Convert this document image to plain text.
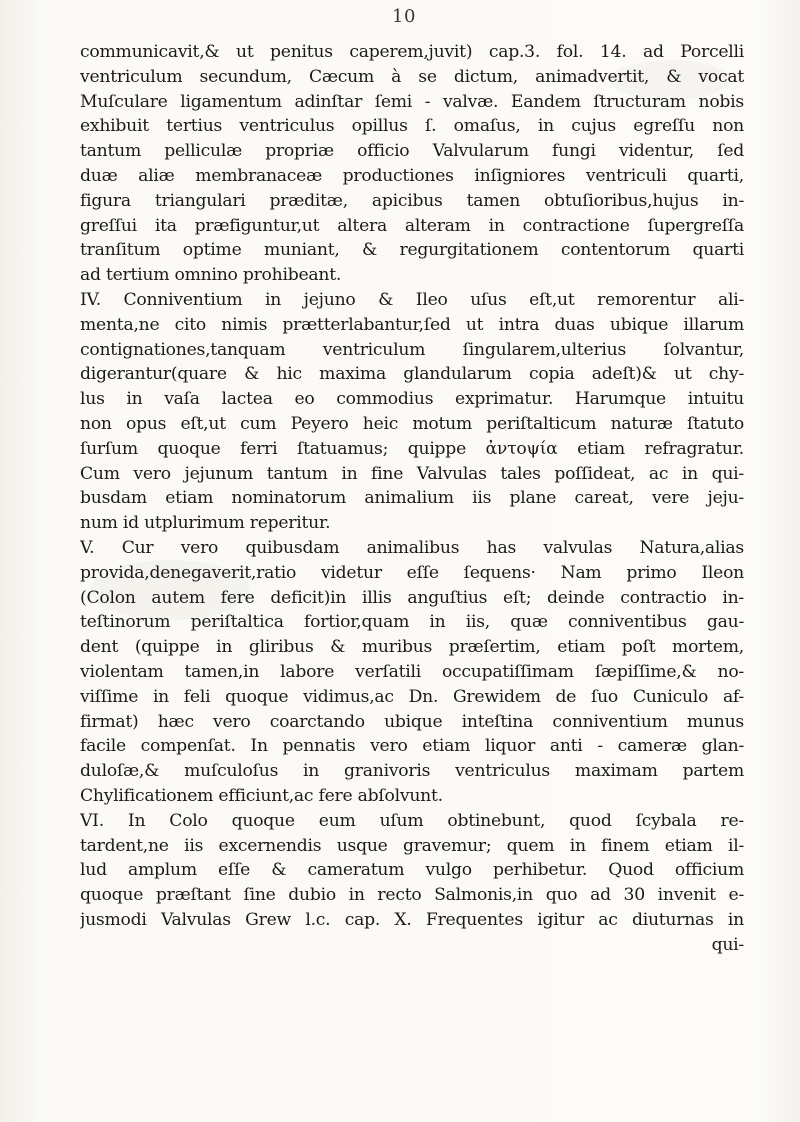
10
communicavit,& ut penitus caperem,juvit) cap.3. fol. 14. ad Porcelli
ventriculum secundum, Cæcum à se dictum, animadvertit, & vocat
Muſculare ligamentum adinſtar ſemi - valvæ. Eandem ſtructuram nobis
exhibuit tertius ventriculus opillus ſ. omaſus, in cujus egreſſu non
tantum pelliculæ propriæ officio Valvularum fungi videntur, ſed
duæ aliæ membranaceæ productiones inſigniores ventriculi quarti,
figura triangulari præditæ, apicibus tamen obtuſioribus,hujus in-
greſſui ita præfiguntur,ut altera alteram in contractione ſupergreſſa
tranſitum optime muniant, & regurgitationem contentorum quarti
ad tertium omnino prohibeant.
IV. Conniventium in jejuno & Ileo uſus eſt,ut remorentur ali-
menta,ne cito nimis prætterlabantur,ſed ut intra duas ubique illarum
contignationes,tanquam ventriculum ſingularem,ulterius ſolvantur,
digerantur(quare & hic maxima glandularum copia adeſt)& ut chy-
lus in vaſa lactea eo commodius exprimatur. Harumque intuitu
non opus eſt,ut cum Peyero heic motum periſtalticum naturæ ſtatuto
ſurſum quoque ferri ſtatuamus; quippe ἀντοψία etiam refragratur.
Cum vero jejunum tantum in fine Valvulas tales poſſideat, ac in qui-
busdam etiam nominatorum animalium iis plane careat, vere jeju-
num id utplurimum reperitur.
V. Cur vero quibusdam animalibus has valvulas Natura,alias
provida,denegaverit,ratio videtur eſſe ſequens· Nam primo Ileon
(Colon autem fere deficit)in illis anguſtius eſt; deinde contractio in-
teſtinorum periſtaltica fortior,quam in iis, quæ conniventibus gau-
dent (quippe in gliribus & muribus præſertim, etiam poſt mortem,
violentam tamen,in labore verſatili occupatiſſimam ſæpiſſime,& no-
viſſime in feli quoque vidimus,ac Dn. Grewidem de ſuo Cuniculo af-
firmat) hæc vero coarctando ubique inteſtina conniventium munus
facile compenſat. In pennatis vero etiam liquor anti - cameræ glan-
duloſæ,& muſculoſus in granivoris ventriculus maximam partem
Chylificationem efficiunt,ac fere abſolvunt.
VI. In Colo quoque eum uſum obtinebunt, quod ſcybala re-
tardent,ne iis excernendis usque gravemur; quem in finem etiam il-
lud amplum eſſe & cameratum vulgo perhibetur. Quod officium
quoque præſtant ſine dubio in recto Salmonis,in quo ad 30 invenit e-
jusmodi Valvulas Grew l.c. cap. X. Frequentes igitur ac diuturnas in
qui-
